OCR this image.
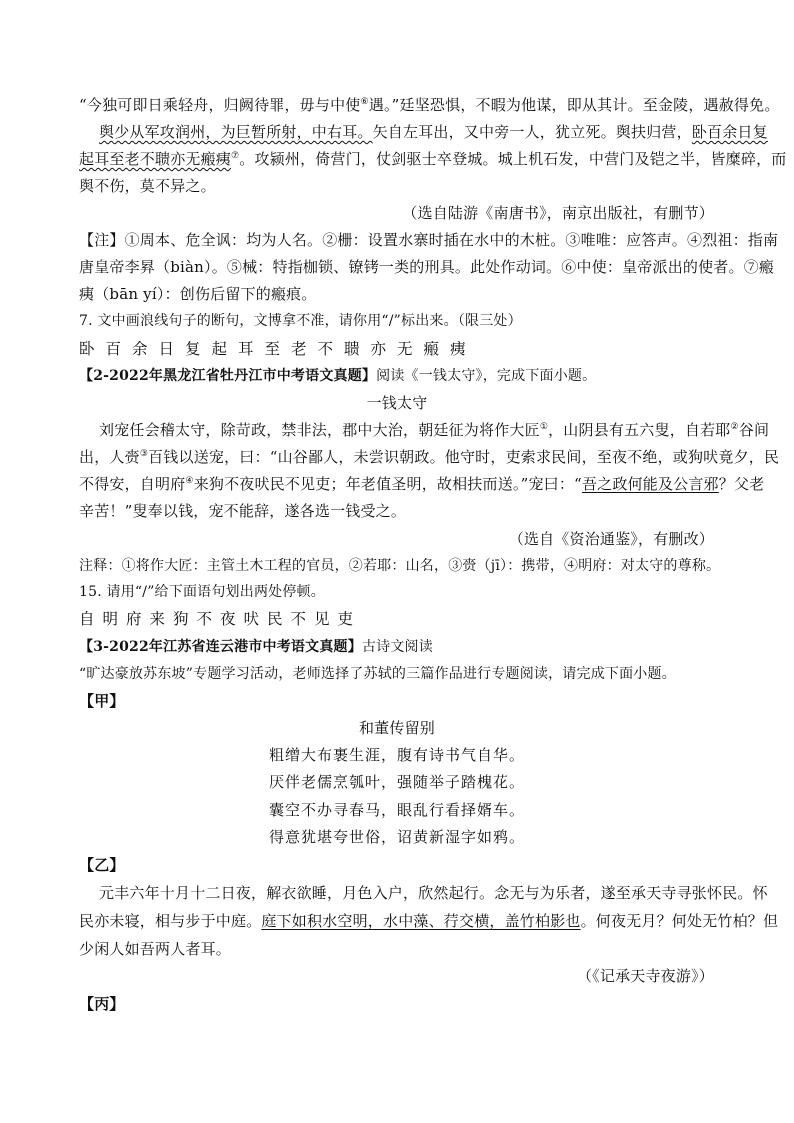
“今独可即日乘轻舟，归阙待罪，毋与中使⑥遇。”廷坚恐惧，不暇为他谋，即从其计。至金陵，遇赦得免。
舆少从军攻润州，为巨暂所射，中右耳。矢自左耳出，又中旁一人，犹立死。舆扶归营，卧百余日复
起耳至老不聩亦无瘢痍⑦。攻颍州，倚营门，仗剑驱士卒登城。城上机石发，中营门及铠之半，皆糜碎，而
舆不伤，莫不异之。
（选自陆游《南唐书》，南京出版社，有删节）
【注】①周本、危全讽：均为人名。②栅：设置水寨时插在水中的木桩。③唯唯：应答声。④烈祖：指南
唐皇帝李昪（biàn）。⑤械：特指枷锁、镣铐一类的刑具。此处作动词。⑥中使：皇帝派出的使者。⑦瘢
痍（bān yí）：创伤后留下的瘢痕。
7. 文中画浪线句子的断句，文博拿不准，请你用“/”标出来。（限三处）
卧百余日复起耳至老不聩亦无瘢痍
【2-2022年黑龙江省牡丹江市中考语文真题】阅读《一钱太守》，完成下面小题。
一钱太守
刘宠任会稽太守，除苛政，禁非法，郡中大治，朝廷征为将作大匠①，山阴县有五六叟，自若耶②谷间
出，人赍③百钱以送宠，曰：“山谷鄙人，未尝识朝政。他守时，吏索求民间，至夜不绝，或狗吠竟夕，民
不得安，自明府④来狗不夜吠民不见吏；年老值圣明，故相扶而送。”宠曰：“吾之政何能及公言邪？父老
辛苦！”叟奉以钱，宠不能辞，遂各选一钱受之。
（选自《资治通鉴》，有删改）
注释：①将作大匠：主管土木工程的官员，②若耶：山名，③赍（jī）：携带，④明府：对太守的尊称。
15. 请用“/”给下面语句划出两处停顿。
自明府来狗不夜吠民不见吏
【3-2022年江苏省连云港市中考语文真题】古诗文阅读
“旷达豪放苏东坡”专题学习活动，老师选择了苏轼的三篇作品进行专题阅读，请完成下面小题。
【甲】
和董传留别
粗缯大布裹生涯，腹有诗书气自华。
厌伴老儒烹瓠叶，强随举子踏槐花。
囊空不办寻春马，眼乱行看择婿车。
得意犹堪夸世俗，诏黄新湿字如鸦。
【乙】
元丰六年十月十二日夜，解衣欲睡，月色入户，欣然起行。念无与为乐者，遂至承天寺寻张怀民。怀
民亦未寝，相与步于中庭。庭下如积水空明，水中藻、荇交横，盖竹柏影也。何夜无月？何处无竹柏？但
少闲人如吾两人者耳。
（《记承天寺夜游》）
【丙】
